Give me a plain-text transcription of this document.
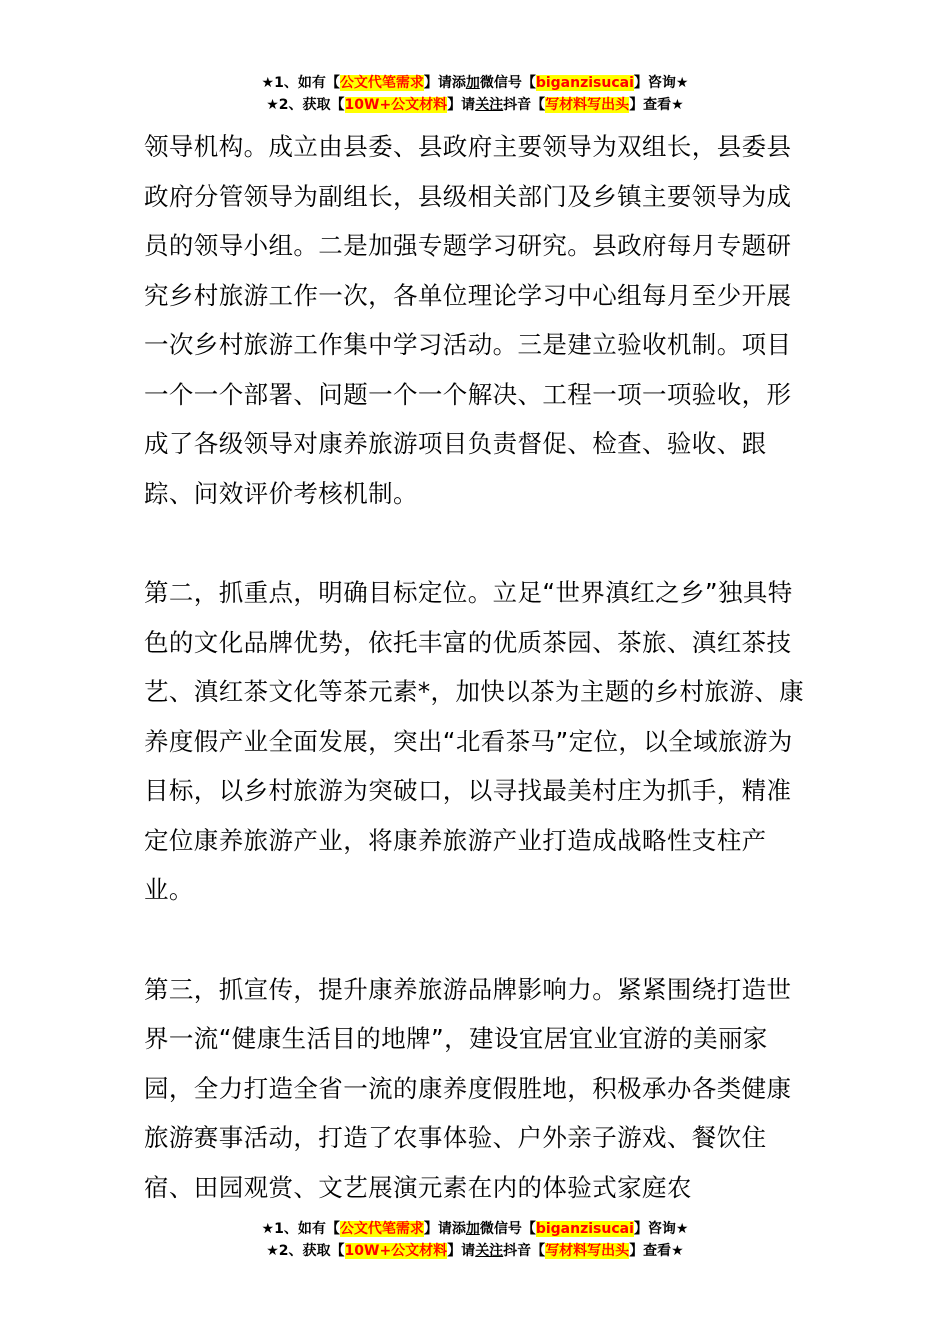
★1、如有【公文代笔需求】请添加微信号【biganzisucai】咨询★
★2、获取【10W+公文材料】请关注抖音【写材料写出头】查看★

领导机构。成立由县委、县政府主要领导为双组长，县委县政府分管领导为副组长，县级相关部门及乡镇主要领导为成员的领导小组。二是加强专题学习研究。县政府每月专题研究乡村旅游工作一次，各单位理论学习中心组每月至少开展一次乡村旅游工作集中学习活动。三是建立验收机制。项目一个一个部署、问题一个一个解决、工程一项一项验收，形成了各级领导对康养旅游项目负责督促、检查、验收、跟踪、问效评价考核机制。

第二，抓重点，明确目标定位。立足“世界滇红之乡”独具特色的文化品牌优势，依托丰富的优质茶园、茶旅、滇红茶技艺、滇红茶文化等茶元素*，加快以茶为主题的乡村旅游、康养度假产业全面发展，突出“北看茶马”定位，以全域旅游为目标，以乡村旅游为突破口，以寻找最美村庄为抓手，精准定位康养旅游产业，将康养旅游产业打造成战略性支柱产业。

第三，抓宣传，提升康养旅游品牌影响力。紧紧围绕打造世界一流“健康生活目的地牌”，建设宜居宜业宜游的美丽家园，全力打造全省一流的康养度假胜地，积极承办各类健康旅游赛事活动，打造了农事体验、户外亲子游戏、餐饮住宿、田园观赏、文艺展演元素在内的体验式家庭农

★1、如有【公文代笔需求】请添加微信号【biganzisucai】咨询★
★2、获取【10W+公文材料】请关注抖音【写材料写出头】查看★
